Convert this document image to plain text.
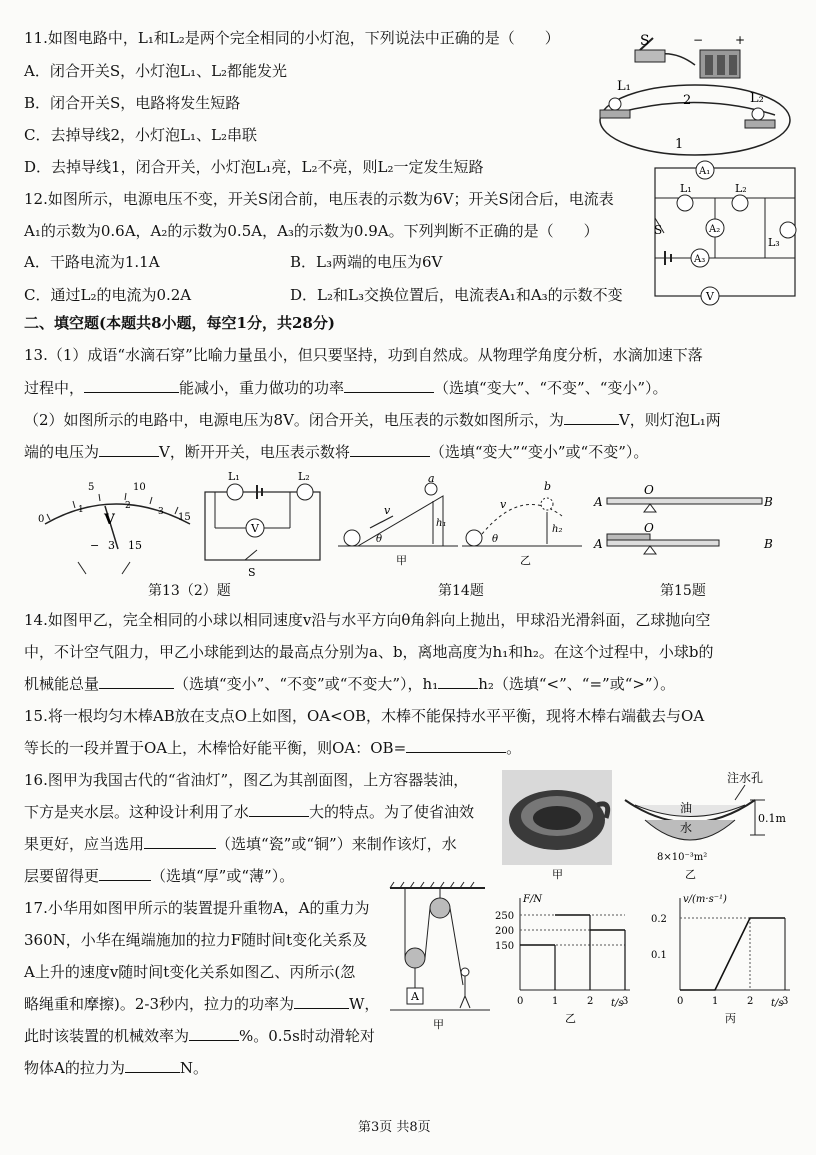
11.如图电路中，L₁和L₂是两个完全相同的小灯泡，下列说法中正确的是（　　）
A．闭合开关S，小灯泡L₁、L₂都能发光
B．闭合开关S，电路将发生短路
C．去掉导线2，小灯泡L₁、L₂串联
D．去掉导线1，闭合开关，小灯泡L₁亮，L₂不亮，则L₂一定发生短路
S	−	+
L₁
L₂
2
1
12.如图所示，电源电压不变，开关S闭合前，电压表的示数为6V；开关S闭合后，电流表
A₁的示数为0.6A，A₂的示数为0.5A，A₃的示数为0.9A。下列判断不正确的是（　　）
A．干路电流为1.1A	B．L₃两端的电压为6V
C．通过L₂的电流为0.2A	D．L₂和L₃交换位置后，电流表A₁和A₃的示数不变
A₁
L₁	L₂
A₂
L₃
S
A₃
V
二、填空题(本题共8小题，每空1分，共28分)
13.（1）成语“水滴石穿”比喻力量虽小，但只要坚持，功到自然成。从物理学角度分析，水滴加速下落
过程中，	能减小，重力做功的功率	（选填“变大”、“不变”、“变小”）。
（2）如图所示的电路中，电源电压为8V。闭合开关，电压表的示数如图所示，为	V，则灯泡L₁两
端的电压为	V，断开开关，电压表示数将	（选填“变大”“变小”或“不变”）。
0
5	10
15
1	2
3
V
− 3 15
L₁	L₂
V
S
a
v
θ
h₁
甲
b
v
θ
h₂
乙
O
A	B
O
A	B
第13（2）题	第14题	第15题
14.如图甲乙，完全相同的小球以相同速度v沿与水平方向θ角斜向上抛出，甲球沿光滑斜面，乙球抛向空
中，不计空气阻力，甲乙小球能到达的最高点分别为a、b，离地高度为h₁和h₂。在这个过程中，小球b的
机械能总量	（选填“变小”、“不变”或“不变大”），h₁	h₂（选填“<”、“=”或“>”）。
15.将一根均匀木棒AB放在支点O上如图，OA<OB，木棒不能保持水平平衡，现将木棒右端截去与OA
等长的一段并置于OA上，木棒恰好能平衡，则OA：OB=	。
16.图甲为我国古代的“省油灯”，图乙为其剖面图，上方容器装油，
下方是夹水层。这种设计利用了水	大的特点。为了使省油效
果更好，应当选用	（选填“瓷”或“铜”）来制作该灯，水
层要留得更	（选填“厚”或“薄”）。	甲
注水孔
油
水
0.1m
8×10⁻³m²
乙
17.小华用如图甲所示的装置提升重物A，A的重力为
360N，小华在绳端施加的拉力F随时间t变化关系及
A上升的速度v随时间t变化关系如图乙、丙所示(忽
略绳重和摩擦)。2-3秒内，拉力的功率为	W，
此时该装置的机械效率为	%。0.5s时动滑轮对
物体A的拉力为	N。
A
甲
F/N
t/s
乙
0	1	2	3
150
200
250
v/(m·s⁻¹)
t/s
丙
0	1	2	3
0.1
0.2
第3页 共8页
